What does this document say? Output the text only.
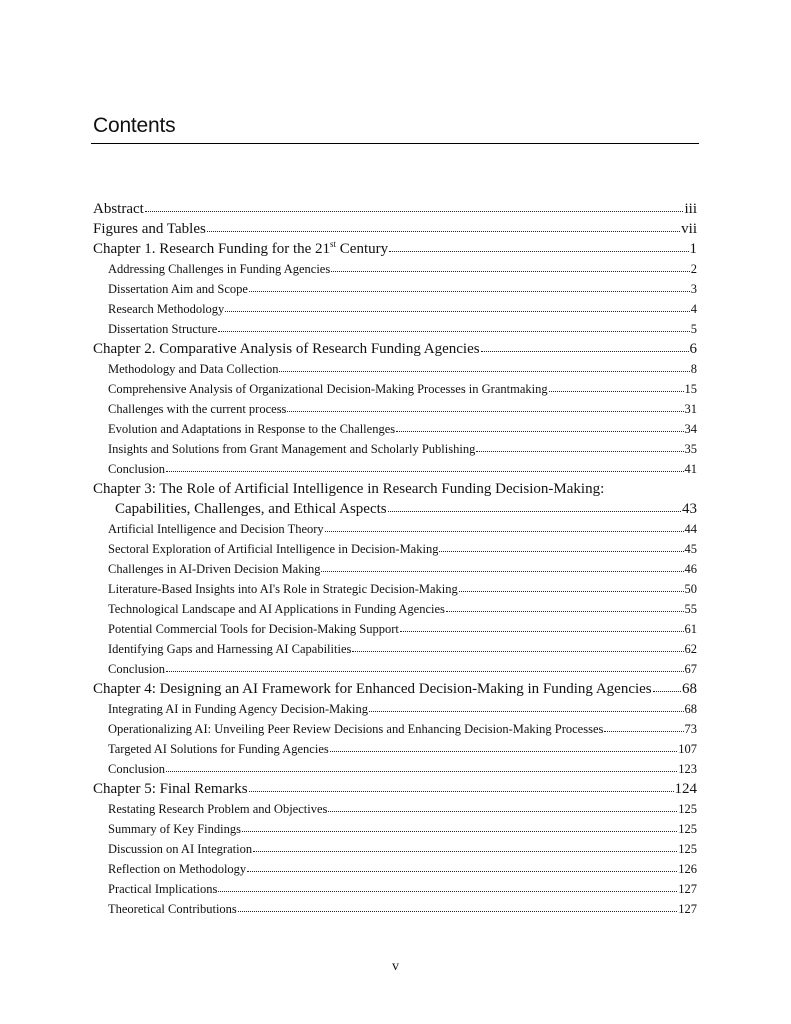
Contents
Abstract	iii
Figures and Tables	vii
Chapter 1. Research Funding for the 21st Century	1
Addressing Challenges in Funding Agencies	2
Dissertation Aim and Scope	3
Research Methodology	4
Dissertation Structure	5
Chapter 2. Comparative Analysis of Research Funding Agencies	6
Methodology and Data Collection	8
Comprehensive Analysis of Organizational Decision-Making Processes in Grantmaking	15
Challenges with the current process	31
Evolution and Adaptations in Response to the Challenges	34
Insights and Solutions from Grant Management and Scholarly Publishing	35
Conclusion	41
Chapter 3: The Role of Artificial Intelligence in Research Funding Decision-Making:
Capabilities, Challenges, and Ethical Aspects	43
Artificial Intelligence and Decision Theory	44
Sectoral Exploration of Artificial Intelligence in Decision-Making	45
Challenges in AI-Driven Decision Making	46
Literature-Based Insights into AI's Role in Strategic Decision-Making	50
Technological Landscape and AI Applications in Funding Agencies	55
Potential Commercial Tools for Decision-Making Support	61
Identifying Gaps and Harnessing AI Capabilities	62
Conclusion	67
Chapter 4: Designing an AI Framework for Enhanced Decision-Making in Funding Agencies 68
Integrating AI in Funding Agency Decision-Making	68
Operationalizing AI: Unveiling Peer Review Decisions and Enhancing Decision-Making Processes	73
Targeted AI Solutions for Funding Agencies	107
Conclusion	123
Chapter 5: Final Remarks	124
Restating Research Problem and Objectives	125
Summary of Key Findings	125
Discussion on AI Integration	125
Reflection on Methodology	126
Practical Implications	127
Theoretical Contributions	127
v
